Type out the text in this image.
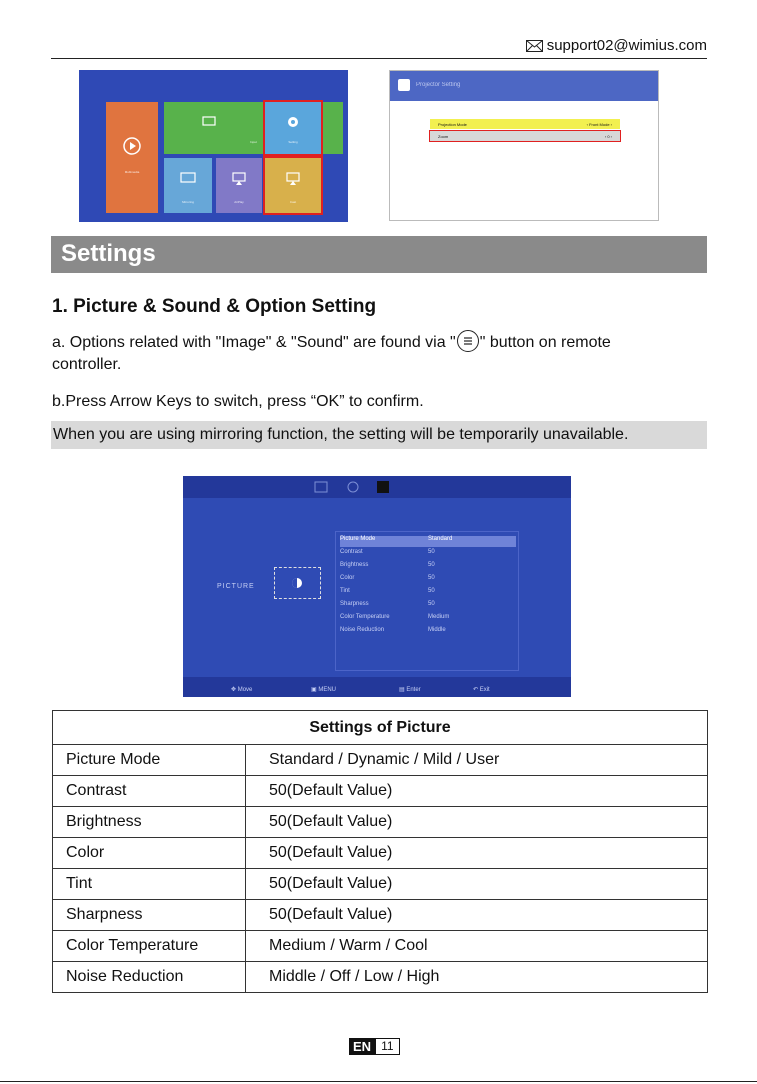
support02@wimius.com
Input
Multimedia
Setting
Mirroring	AirPlay	Cast
Projector Setting
Projection Mode	‹ Front Mode ›
Zoom	‹ 0 ›
Settings
1. Picture & Sound & Option Setting
a. Options related with "Image" & "Sound" are found via " " button on remote controller.
b.Press Arrow Keys to switch, press “OK” to confirm.
When you are using mirroring function, the setting will be temporarily unavailable.
PICTURE
Picture Mode	Standard
Contrast	50
Brightness	50
Color	50
Tint	50
Sharpness	50
Color Temperature	Medium
Noise Reduction	Middle
✥ Move	▣ MENU	▤ Enter	↶ Exit
Settings of Picture	
Picture Mode	Standard / Dynamic / Mild / User
Contrast	50(Default Value)
Brightness	50(Default Value)
Color	50(Default Value)
Tint	50(Default Value)
Sharpness	50(Default Value)
Color Temperature	Medium / Warm / Cool
Noise Reduction	Middle / Off / Low / High
EN 11
